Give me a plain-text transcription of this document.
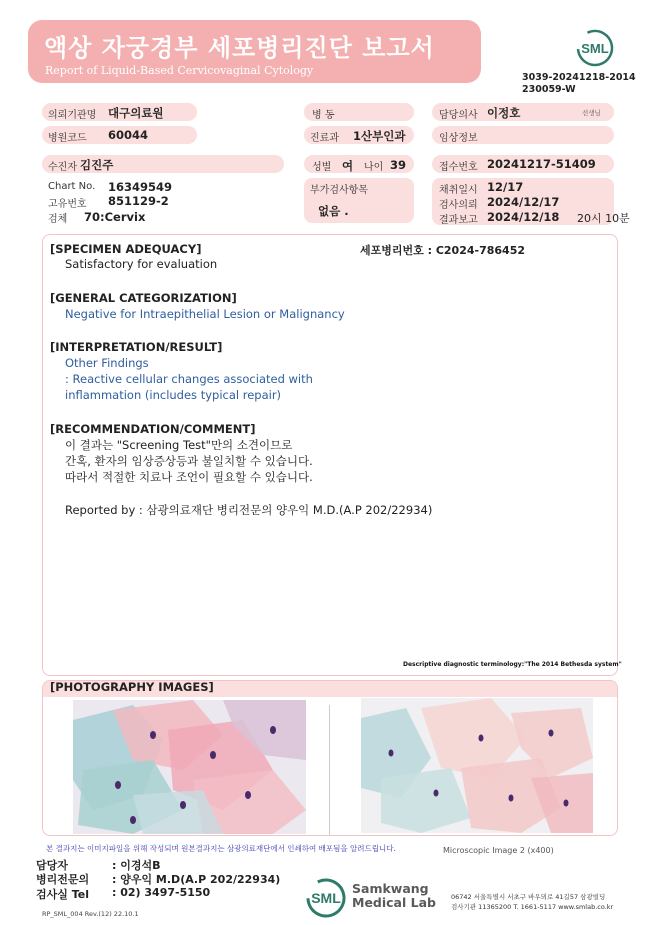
액상 자궁경부 세포병리진단 보고서
Report of Liquid-Based Cervicovaginal Cytology
SML
3039-20241218-2014
230059-W
의뢰기관명 대구의료원
병원코드 60044
수진자 김진주
병 동
진료과 1산부인과
성별 여 나이 39
담당의사 이정호	선생님
임상정보
접수번호 20241217-51409
Chart No. 16349549
고유번호 851129-2
검체 70:Cervix
부가검사항목
없음 .
채취일시 12/17
검사의뢰 2024/12/17
결과보고 2024/12/18 20시 10분
세포병리번호 : C2024-786452
[SPECIMEN ADEQUACY]
Satisfactory for evaluation
[GENERAL CATEGORIZATION]
Negative for Intraepithelial Lesion or Malignancy
[INTERPRETATION/RESULT]
Other Findings
: Reactive cellular changes associated with
inflammation (includes typical repair)
[RECOMMENDATION/COMMENT]
이 결과는 "Screening Test"만의 소견이므로
간혹, 환자의 임상증상등과 불일치할 수 있습니다.
따라서 적절한 치료나 조언이 필요할 수 있습니다.
Reported by : 삼광의료재단 병리전문의 양우익 M.D.(A.P 202/22934)
Descriptive diagnostic terminology:"The 2014 Bethesda system"
[PHOTOGRAPHY IMAGES]
Microscopic Image 2 (x400)
본 결과지는 이미지파일을 위해 작성되며 원본결과지는 삼광의료재단에서 인쇄하여 배포됨을 알려드립니다.
담당자	: 이경석B
병리전문의 : 양우익 M.D(A.P 202/22934)
검사실 Tel : 02) 3497-5150	SML
Samkwang
Medical Lab 06742 서울특별시 서초구 바우뫼로 41길57 삼광빌딩
검사기관 11365200 T. 1661-5117 www.smlab.co.kr
RP_SML_004 Rev.(12) 22.10.1
